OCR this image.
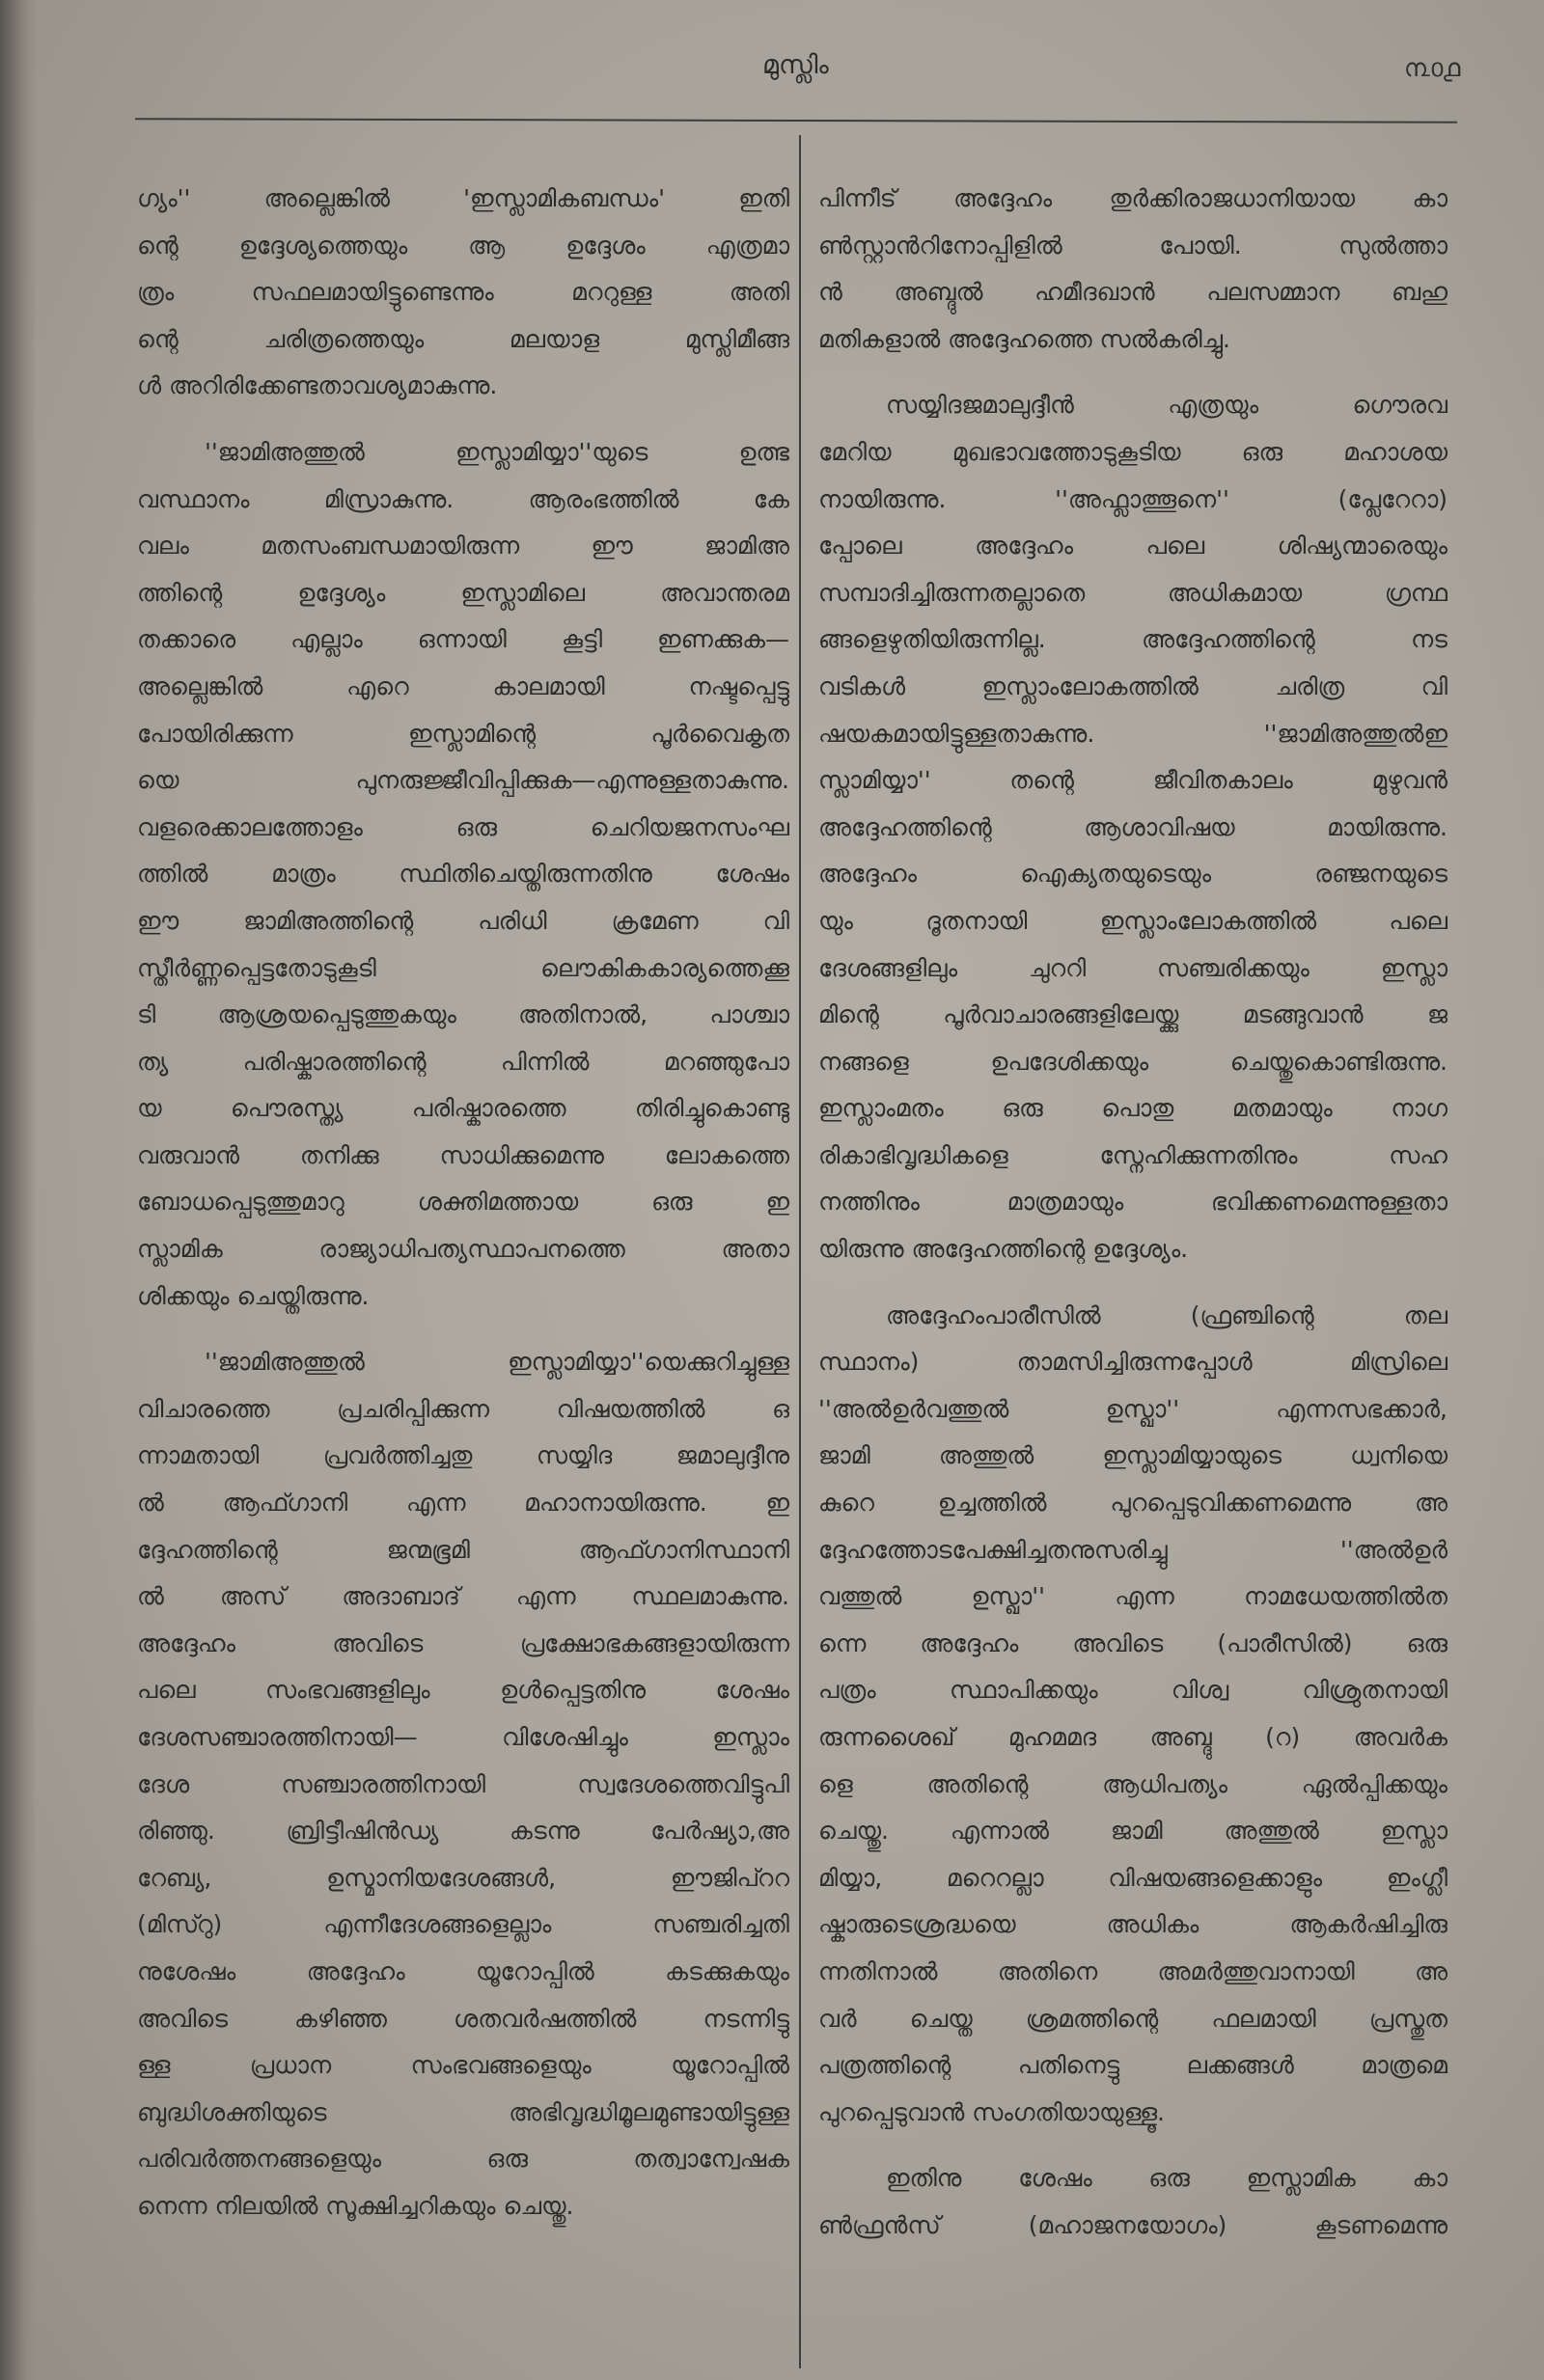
മുസ്ലിം	൩൦൧
ഗ്യം'' അല്ലെങ്കിൽ 'ഇസ്ലാമികബന്ധം' ഇതി
ന്റെ ഉദ്ദേശ്യത്തെയും ആ ഉദ്ദേശം എത്രമാ
ത്രം സഫലമായിട്ടുണ്ടെന്നും മററുള്ള അതി
ന്റെ ചരിത്രത്തെയും മലയാള മുസ്ലിമീങ്ങ
ൾ അറിരിക്കേണ്ടതാവശ്യമാകുന്നു.
''ജാമിഅത്തുൽ ഇസ്ലാമിയ്യാ''യുടെ ഉത്ഭ
വസ്ഥാനം മിസ്രാകുന്നു. ആരംഭത്തിൽ കേ
വലം മതസംബന്ധമായിരുന്ന ഈ ജാമിഅ
ത്തിന്റെ ഉദ്ദേശ്യം ഇസ്ലാമിലെ അവാന്തരമ
തക്കാരെ എല്ലാം ഒന്നായി കൂട്ടി ഇണക്കുക—
അല്ലെങ്കിൽ എറെ കാലമായി നഷ്ടപ്പെട്ടു
പോയിരിക്കുന്ന ഇസ്ലാമിന്റെ പൂർവൈകൃത
യെ പുനരുജ്ജീവിപ്പിക്കുക—എന്നുള്ളതാകുന്നു.
വളരെക്കാലത്തോളം ഒരു ചെറിയജനസംഘ
ത്തിൽ മാത്രം സ്ഥിതിചെയ്തിരുന്നതിനു ശേഷം
ഈ ജാമിഅത്തിന്റെ പരിധി ക്രമേണ വി
സ്തീർണ്ണപ്പെട്ടതോടുകൂടി ലൌകികകാര്യത്തെക്കൂ
ടി ആശ്രയപ്പെടുത്തുകയും അതിനാൽ, പാശ്ചാ
ത്യ പരിഷ്കാരത്തിന്റെ പിന്നിൽ മറഞ്ഞുപോ
യ പൌരസ്ത്യ പരിഷ്കാരത്തെ തിരിച്ചുകൊണ്ടു
വരുവാൻ തനിക്കു സാധിക്കുമെന്നു ലോകത്തെ
ബോധപ്പെടുത്തുമാറു ശക്തിമത്തായ ഒരു ഇ
സ്ലാമിക രാജ്യാധിപത്യസ്ഥാപനത്തെ അതാ
ശിക്കയും ചെയ്തിരുന്നു.
''ജാമിഅത്തുൽ ഇസ്ലാമിയ്യാ''യെക്കുറിച്ചുള്ള
വിചാരത്തെ പ്രചരിപ്പിക്കുന്ന വിഷയത്തിൽ ഒ
ന്നാമതായി പ്രവർത്തിച്ചതു സയ്യിദ ജമാലുദ്ദീനു
ൽ ആഫ്ഗാനി എന്ന മഹാനായിരുന്നു. ഇ
ദ്ദേഹത്തിന്റെ ജന്മഭൂമി ആഫ്ഗാനിസ്ഥാനി
ൽ അസ് അദാബാദ് എന്ന സ്ഥലമാകുന്നു.
അദ്ദേഹം അവിടെ പ്രക്ഷോഭകങ്ങളായിരുന്ന
പലെ സംഭവങ്ങളിലും ഉൾപ്പെട്ടതിനു ശേഷം
ദേശസഞ്ചാരത്തിനായി— വിശേഷിച്ചും ഇസ്ലാം
ദേശ സഞ്ചാരത്തിനായി സ്വദേശത്തെവിട്ടുപി
രിഞ്ഞു. ബ്രിട്ടീഷിൻഡ്യ കടന്നു പേർഷ്യാ,അ
റേബ്യ, ഉസ്മാനിയദേശങ്ങൾ, ഈജിപ്ററ
(മിസ്റു) എന്നീദേശങ്ങളെല്ലാം സഞ്ചരിച്ചതി
നുശേഷം അദ്ദേഹം യൂറോപ്പിൽ കടക്കുകയും
അവിടെ കഴിഞ്ഞ ശതവർഷത്തിൽ നടന്നിട്ടു
ള്ള പ്രധാന സംഭവങ്ങളെയും യൂറോപ്പിൽ
ബുദ്ധിശക്തിയുടെ അഭിവൃദ്ധിമൂലമുണ്ടായിട്ടുള്ള
പരിവർത്തനങ്ങളെയും ഒരു തത്വാന്വേഷക
നെന്ന നിലയിൽ സൂക്ഷിച്ചറികയും ചെയ്തു.
പിന്നീട് അദ്ദേഹം തുർക്കിരാജധാനിയായ കാ
ൺസ്റ്റാൻറിനോപ്പിളിൽ പോയി. സുൽത്താ
ൻ അബ്ദുൽ ഹമീദഖാൻ പലസമ്മാന ബഹു
മതികളാൽ അദ്ദേഹത്തെ സൽകരിച്ചു.
സയ്യിദജമാലുദ്ദീൻ എത്രയും ഗൌരവ
മേറിയ മുഖഭാവത്തോടുകൂടിയ ഒരു മഹാശയ
നായിരുന്നു. ''അഫ്ലാത്തൂനെ'' (പ്ലേറേറാ)
പ്പോലെ അദ്ദേഹം പലെ ശിഷ്യന്മാരെയും
സമ്പാദിച്ചിരുന്നതല്ലാതെ അധികമായ ഗ്രന്ഥ
ങ്ങളെഴുതിയിരുന്നില്ല. അദ്ദേഹത്തിന്റെ നട
വടികൾ ഇസ്ലാംലോകത്തിൽ ചരിത്ര വി
ഷയകമായിട്ടുള്ളതാകുന്നു. ''ജാമിഅത്തുൽഇ
സ്ലാമിയ്യാ'' തന്റെ ജീവിതകാലം മുഴുവൻ
അദ്ദേഹത്തിന്റെ ആശാവിഷയ മായിരുന്നു.
അദ്ദേഹം ഐക്യതയുടെയും രഞ്ജനയുടെ
യും ദൂതനായി ഇസ്ലാംലോകത്തിൽ പലെ
ദേശങ്ങളിലും ചുററി സഞ്ചരിക്കയും ഇസ്ലാ
മിന്റെ പൂർവാചാരങ്ങളിലേയ്ക്കു മടങ്ങുവാൻ ജ
നങ്ങളെ ഉപദേശിക്കയും ചെയ്തുകൊണ്ടിരുന്നു.
ഇസ്ലാംമതം ഒരു പൊതു മതമായും നാഗ
രികാഭിവൃദ്ധികളെ സ്നേഹിക്കുന്നതിനും സഹ
നത്തിനും മാത്രമായും ഭവിക്കണമെന്നുള്ളതാ
യിരുന്നു അദ്ദേഹത്തിന്റെ ഉദ്ദേശ്യം.
അദ്ദേഹംപാരീസിൽ (ഫ്രഞ്ചിന്റെ തല
സ്ഥാനം) താമസിച്ചിരുന്നപ്പോൾ മിസ്രിലെ
''അൽഉർവത്തുൽ ഉസ്ഖാ'' എന്നസഭക്കാർ,
ജാമി അത്തുൽ ഇസ്ലാമിയ്യായുടെ ധ്വനിയെ
കുറെ ഉച്ചത്തിൽ പുറപ്പെടുവിക്കണമെന്നു അ
ദ്ദേഹത്തോടപേക്ഷിച്ചതനുസരിച്ചു ''അൽഉർ
വത്തുൽ ഉസ്ഖാ'' എന്ന നാമധേയത്തിൽത
ന്നെ അദ്ദേഹം അവിടെ (പാരീസിൽ) ഒരു
പത്രം സ്ഥാപിക്കയും വിശ്വ വിശ്രുതനായി
രുന്നശൈഖ് മുഹമമദ അബ്ദു (റ) അവർക
ളെ അതിന്റെ ആധിപത്യം ഏൽപ്പിക്കയും
ചെയ്തു. എന്നാൽ ജാമി അത്തുൽ ഇസ്ലാ
മിയ്യാ, മറെറല്ലാ വിഷയങ്ങളെക്കാളും ഇംഗ്ലീ
ഷ്കാരുടെശ്രദ്ധയെ അധികം ആകർഷിച്ചിരു
ന്നതിനാൽ അതിനെ അമർത്തുവാനായി അ
വർ ചെയ്ത ശ്രമത്തിന്റെ ഫലമായി പ്രസ്തുത
പത്രത്തിന്റെ പതിനെട്ടു ലക്കങ്ങൾ മാത്രമെ
പുറപ്പെടുവാൻ സംഗതിയായുള്ളൂ.
ഇതിനു ശേഷം ഒരു ഇസ്ലാമിക കാ
ൺഫ്രൻസ് (മഹാജനയോഗം) കൂടണമെന്നു
